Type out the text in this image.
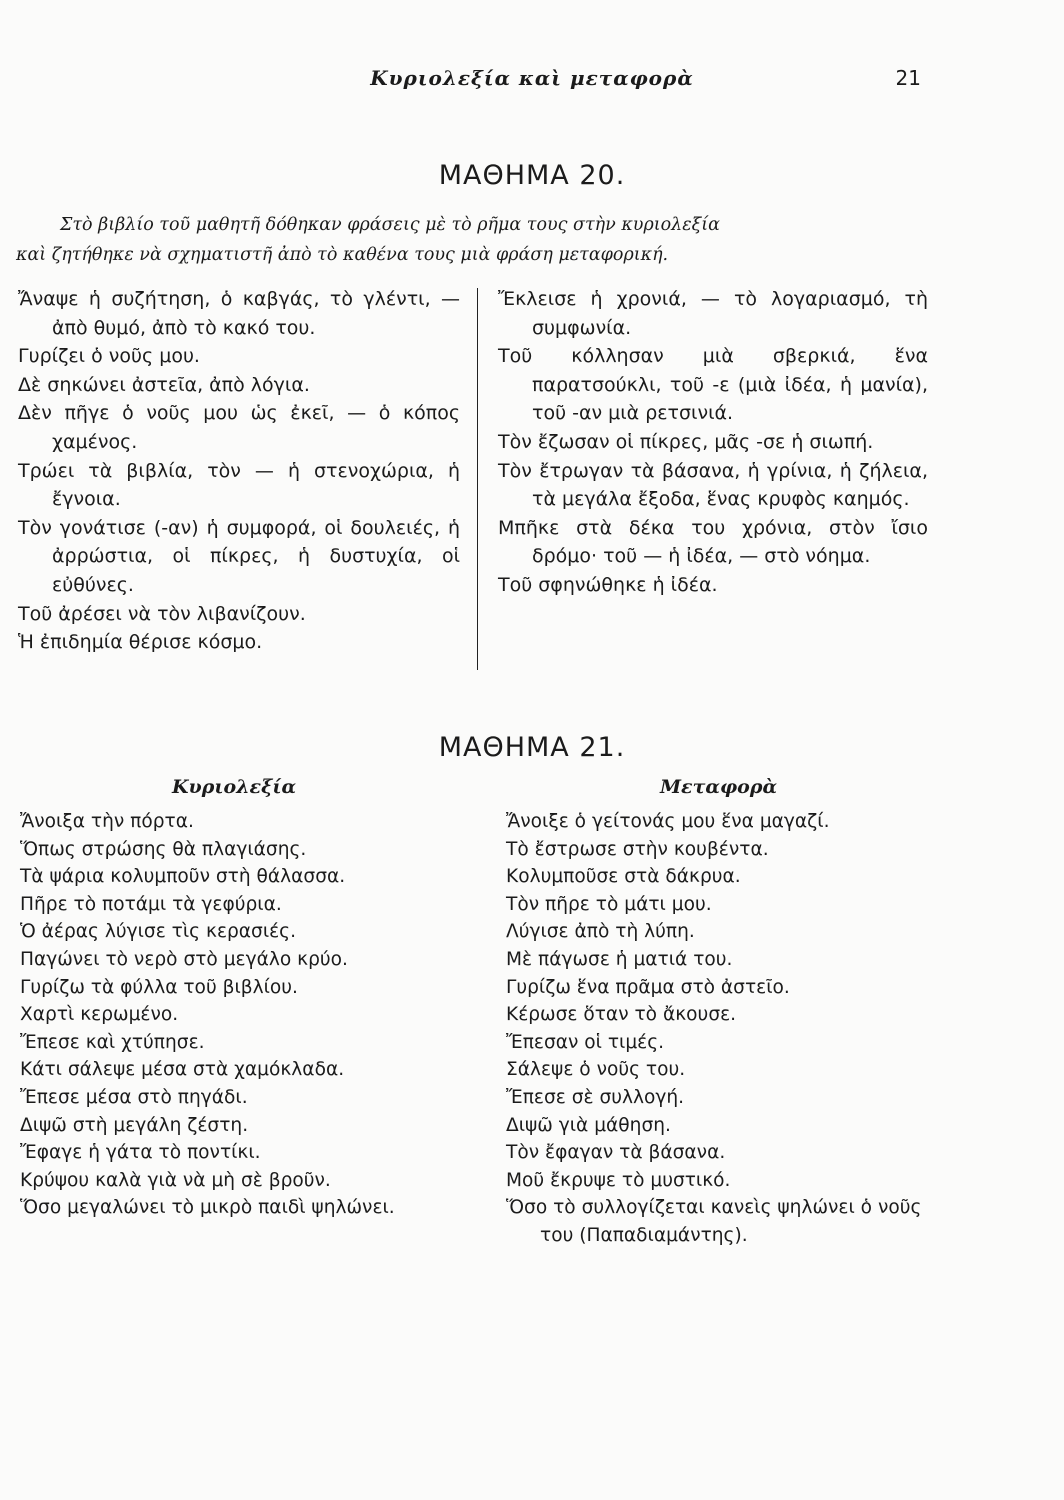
Κυριολεξία καὶ μεταφορὰ	21
ΜΑΘΗΜΑ 20.
Στὸ βιβλίο τοῦ μαθητῆ δόθηκαν φράσεις μὲ τὸ ρῆμα τους στὴν κυριολεξία
καὶ ζητήθηκε νὰ σχηματιστῆ ἀπὸ τὸ καθένα τους μιὰ φράση μεταφορική.
Ἄναψε ἡ συζήτηση, ὁ καβγάς, τὸ γλέντι, — ἀπὸ θυμό, ἀπὸ τὸ κακό του.
Γυρίζει ὁ νοῦς μου.
Δὲ σηκώνει ἀστεῖα, ἀπὸ λόγια.
Δὲν πῆγε ὁ νοῦς μου ὡς ἐκεῖ, — ὁ κόπος χαμένος.
Τρώει τὰ βιβλία, τὸν — ἡ στενοχώρια, ἡ ἔγνοια.
Τὸν γονάτισε (-αν) ἡ συμφορά, οἱ δουλειές, ἡ ἀρρώστια, οἱ πίκρες, ἡ δυστυχία, οἱ εὐθύνες.
Τοῦ ἀρέσει νὰ τὸν λιβανίζουν.
Ἡ ἐπιδημία θέρισε κόσμο.
Ἔκλεισε ἡ χρονιά, — τὸ λογαριασμό, τὴ συμφωνία.
Τοῦ κόλλησαν μιὰ σβερκιά, ἕνα παρατσούκλι, τοῦ -ε (μιὰ ἰδέα, ἡ μανία), τοῦ -αν μιὰ ρετσινιά.
Τὸν ἔζωσαν οἱ πίκρες, μᾶς -σε ἡ σιωπή.
Τὸν ἔτρωγαν τὰ βάσανα, ἡ γρίνια, ἡ ζήλεια, τὰ μεγάλα ἔξοδα, ἕνας κρυφὸς καημός.
Μπῆκε στὰ δέκα του χρόνια, στὸν ἴσιο δρόμο· τοῦ — ἡ ἰδέα, — στὸ νόημα.
Τοῦ σφηνώθηκε ἡ ἰδέα.
ΜΑΘΗΜΑ 21.
Κυριολεξία	Μεταφορὰ
Ἄνοιξα τὴν πόρτα.
Ὅπως στρώσης θὰ πλαγιάσης.
Τὰ ψάρια κολυμποῦν στὴ θάλασσα.
Πῆρε τὸ ποτάμι τὰ γεφύρια.
Ὁ ἀέρας λύγισε τὶς κερασιές.
Παγώνει τὸ νερὸ στὸ μεγάλο κρύο.
Γυρίζω τὰ φύλλα τοῦ βιβλίου.
Χαρτὶ κερωμένο.
Ἔπεσε καὶ χτύπησε.
Κάτι σάλεψε μέσα στὰ χαμόκλαδα.
Ἔπεσε μέσα στὸ πηγάδι.
Διψῶ στὴ μεγάλη ζέστη.
Ἔφαγε ἡ γάτα τὸ ποντίκι.
Κρύψου καλὰ γιὰ νὰ μὴ σὲ βροῦν.
Ὅσο μεγαλώνει τὸ μικρὸ παιδὶ ψηλώνει.
Ἄνοιξε ὁ γείτονάς μου ἕνα μαγαζί.
Τὸ ἔστρωσε στὴν κουβέντα.
Κολυμποῦσε στὰ δάκρυα.
Τὸν πῆρε τὸ μάτι μου.
Λύγισε ἀπὸ τὴ λύπη.
Μὲ πάγωσε ἡ ματιά του.
Γυρίζω ἕνα πρᾶμα στὸ ἀστεῖο.
Κέρωσε ὅταν τὸ ἄκουσε.
Ἔπεσαν οἱ τιμές.
Σάλεψε ὁ νοῦς του.
Ἔπεσε σὲ συλλογή.
Διψῶ γιὰ μάθηση.
Τὸν ἔφαγαν τὰ βάσανα.
Μοῦ ἔκρυψε τὸ μυστικό.
Ὅσο τὸ συλλογίζεται κανεὶς ψηλώνει ὁ νοῦς του (Παπαδιαμάντης).
